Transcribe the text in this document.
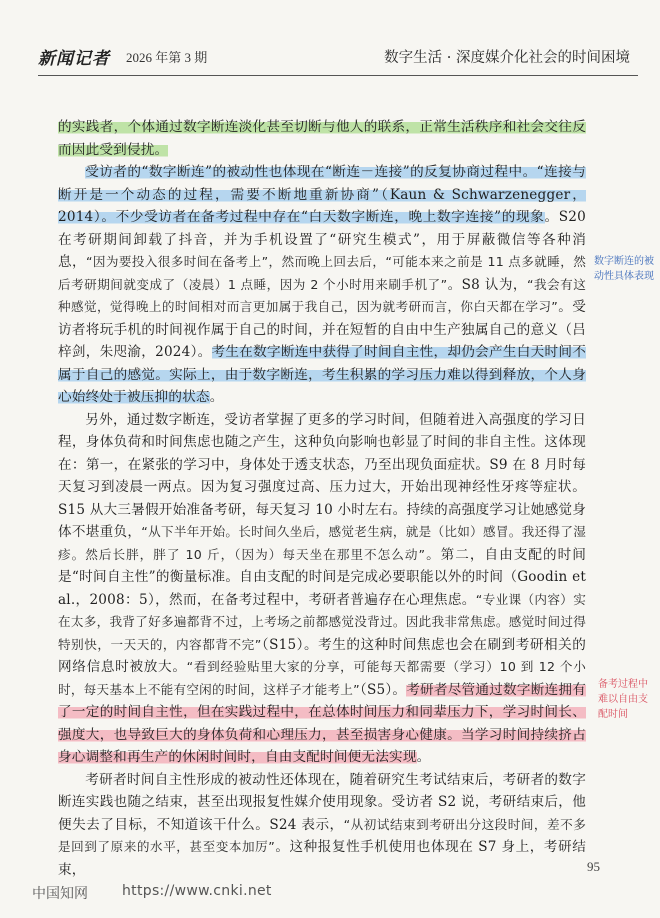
新闻记者 2026 年第 3 期	数字生活 · 深度媒介化社会的时间困境

的实践者，个体通过数字断连淡化甚至切断与他人的联系，正常生活秩序和社会交往反而因此受到侵扰。

受访者的“数字断连”的被动性也体现在“断连－连接”的反复协商过程中。“连接与断开是一个动态的过程，需要不断地重新协商”（Kaun & Schwarzenegger，2014）。不少受访者在备考过程中存在“白天数字断连，晚上数字连接”的现象。S20 在考研期间卸载了抖音，并为手机设置了“研究生模式”，用于屏蔽微信等各种消息，“因为要投入很多时间在备考上”，然而晚上回去后，“可能本来之前是 11 点多就睡，然后考研期间就变成了（凌晨）1 点睡，因为 2 个小时用来刷手机了”。S8 认为，“我会有这种感觉，觉得晚上的时间相对而言更加属于我自己，因为就考研而言，你白天都在学习”。受访者将玩手机的时间视作属于自己的时间，并在短暂的自由中生产独属自己的意义（吕梓剑，朱咫渝，2024）。考生在数字断连中获得了时间自主性，却仍会产生白天时间不属于自己的感觉。实际上，由于数字断连，考生积累的学习压力难以得到释放，个人身心始终处于被压抑的状态。

另外，通过数字断连，受访者掌握了更多的学习时间，但随着进入高强度的学习日程，身体负荷和时间焦虑也随之产生，这种负向影响也彰显了时间的非自主性。这体现在：第一，在紧张的学习中，身体处于透支状态，乃至出现负面症状。S9 在 8 月时每天复习到凌晨一两点。因为复习强度过高、压力过大，开始出现神经性牙疼等症状。S15 从大三暑假开始准备考研，每天复习 10 小时左右。持续的高强度学习让她感觉身体不堪重负，“从下半年开始。长时间久坐后，感觉老生病，就是（比如）感冒。我还得了湿疹。然后长胖，胖了 10 斤，（因为）每天坐在那里不怎么动”。第二，自由支配的时间是“时间自主性”的衡量标准。自由支配的时间是完成必要职能以外的时间（Goodin et al.，2008：5），然而，在备考过程中，考研者普遍存在心理焦虑。“专业课（内容）实在太多，我背了好多遍都背不过，上考场之前都感觉没背过。因此我非常焦虑。感觉时间过得特别快，一天天的，内容都背不完”（S15）。考生的这种时间焦虑也会在刷到考研相关的网络信息时被放大。“看到经验贴里大家的分享，可能每天都需要（学习）10 到 12 个小时，每天基本上不能有空闲的时间，这样子才能考上”（S5）。考研者尽管通过数字断连拥有了一定的时间自主性，但在实践过程中，在总体时间压力和同辈压力下，学习时间长、强度大，也导致巨大的身体负荷和心理压力，甚至损害身心健康。当学习时间持续挤占身心调整和再生产的休闲时间时，自由支配时间便无法实现。

考研者时间自主性形成的被动性还体现在，随着研究生考试结束后，考研者的数字断连实践也随之结束，甚至出现报复性媒介使用现象。受访者 S2 说，考研结束后，他便失去了目标，不知道该干什么。S24 表示，“从初试结束到考研出分这段时间，差不多是回到了原来的水平，甚至变本加厉”。这种报复性手机使用也体现在 S7 身上，考研结束，

数字断连的被动性具体表现
备考过程中难以自由支配时间
95
中国知网 https://www.cnki.net
